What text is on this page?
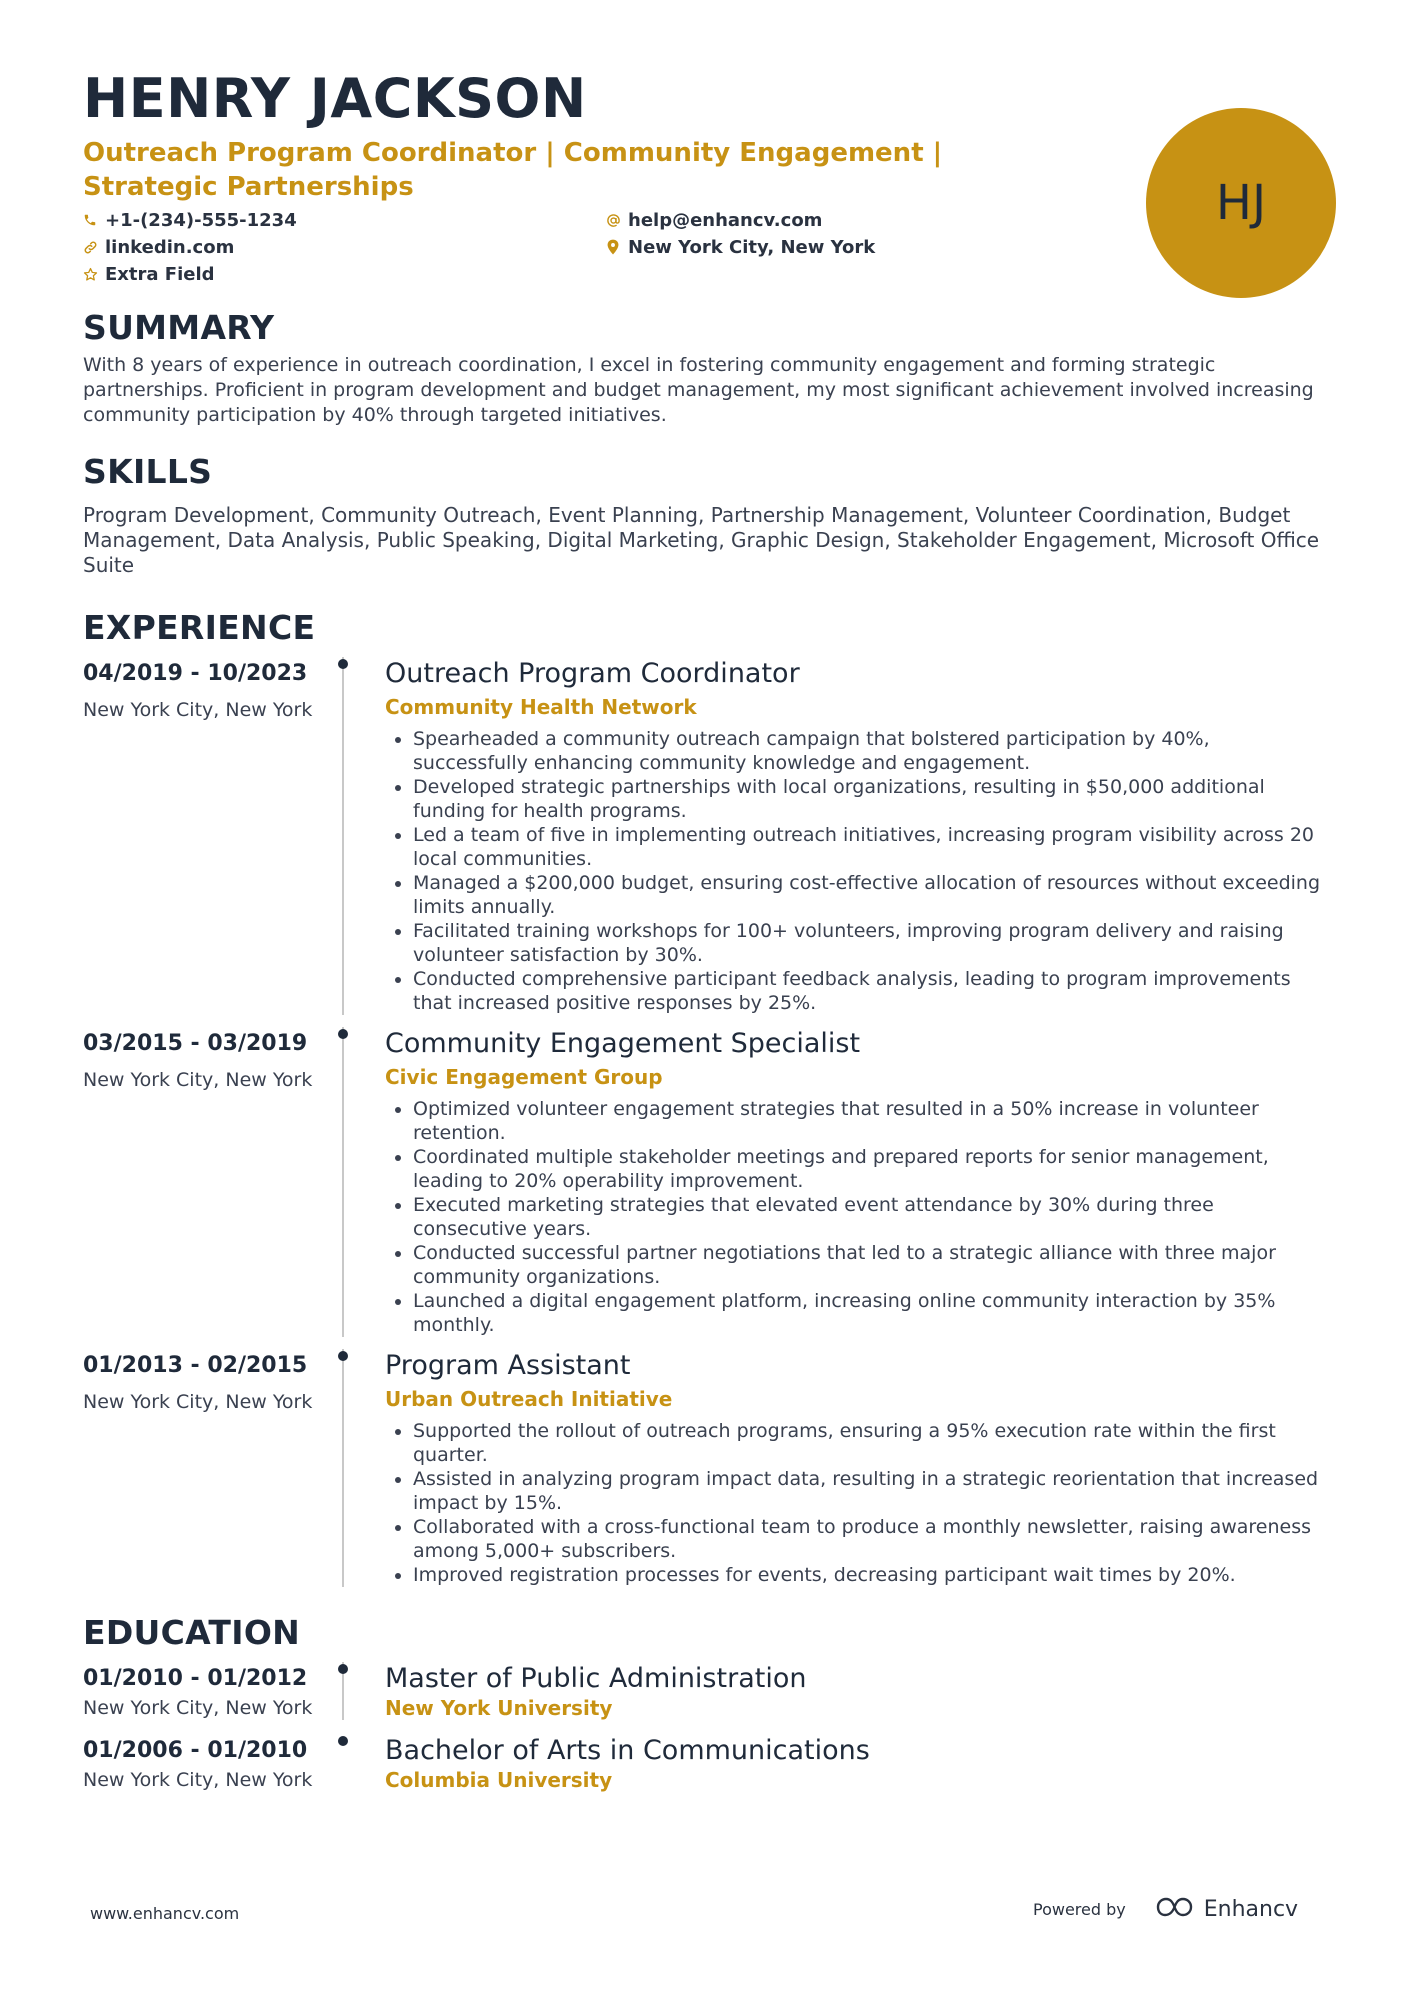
HENRY JACKSON
Outreach Program Coordinator | Community Engagement | Strategic Partnerships
+1-(234)-555-1234	help@enhancv.com
linkedin.com	New York City, New York
Extra Field
HJ
SUMMARY
With 8 years of experience in outreach coordination, I excel in fostering community engagement and forming strategic partnerships. Proficient in program development and budget management, my most significant achievement involved increasing community participation by 40% through targeted initiatives.
SKILLS
Program Development, Community Outreach, Event Planning, Partnership Management, Volunteer Coordination, Budget Management, Data Analysis, Public Speaking, Digital Marketing, Graphic Design, Stakeholder Engagement, Microsoft Office Suite
EXPERIENCE
04/2019 - 10/2023
New York City, New York
Outreach Program Coordinator
Community Health Network
• Spearheaded a community outreach campaign that bolstered participation by 40%, successfully enhancing community knowledge and engagement.
• Developed strategic partnerships with local organizations, resulting in $50,000 additional funding for health programs.
• Led a team of five in implementing outreach initiatives, increasing program visibility across 20 local communities.
• Managed a $200,000 budget, ensuring cost-effective allocation of resources without exceeding limits annually.
• Facilitated training workshops for 100+ volunteers, improving program delivery and raising volunteer satisfaction by 30%.
• Conducted comprehensive participant feedback analysis, leading to program improvements that increased positive responses by 25%.
03/2015 - 03/2019
New York City, New York
Community Engagement Specialist
Civic Engagement Group
• Optimized volunteer engagement strategies that resulted in a 50% increase in volunteer retention.
• Coordinated multiple stakeholder meetings and prepared reports for senior management, leading to 20% operability improvement.
• Executed marketing strategies that elevated event attendance by 30% during three consecutive years.
• Conducted successful partner negotiations that led to a strategic alliance with three major community organizations.
• Launched a digital engagement platform, increasing online community interaction by 35% monthly.
01/2013 - 02/2015
New York City, New York
Program Assistant
Urban Outreach Initiative
• Supported the rollout of outreach programs, ensuring a 95% execution rate within the first quarter.
• Assisted in analyzing program impact data, resulting in a strategic reorientation that increased impact by 15%.
• Collaborated with a cross-functional team to produce a monthly newsletter, raising awareness among 5,000+ subscribers.
• Improved registration processes for events, decreasing participant wait times by 20%.
EDUCATION
01/2010 - 01/2012
New York City, New York
Master of Public Administration
New York University
01/2006 - 01/2010
New York City, New York
Bachelor of Arts in Communications
Columbia University
www.enhancv.com	Powered by	Enhancv
